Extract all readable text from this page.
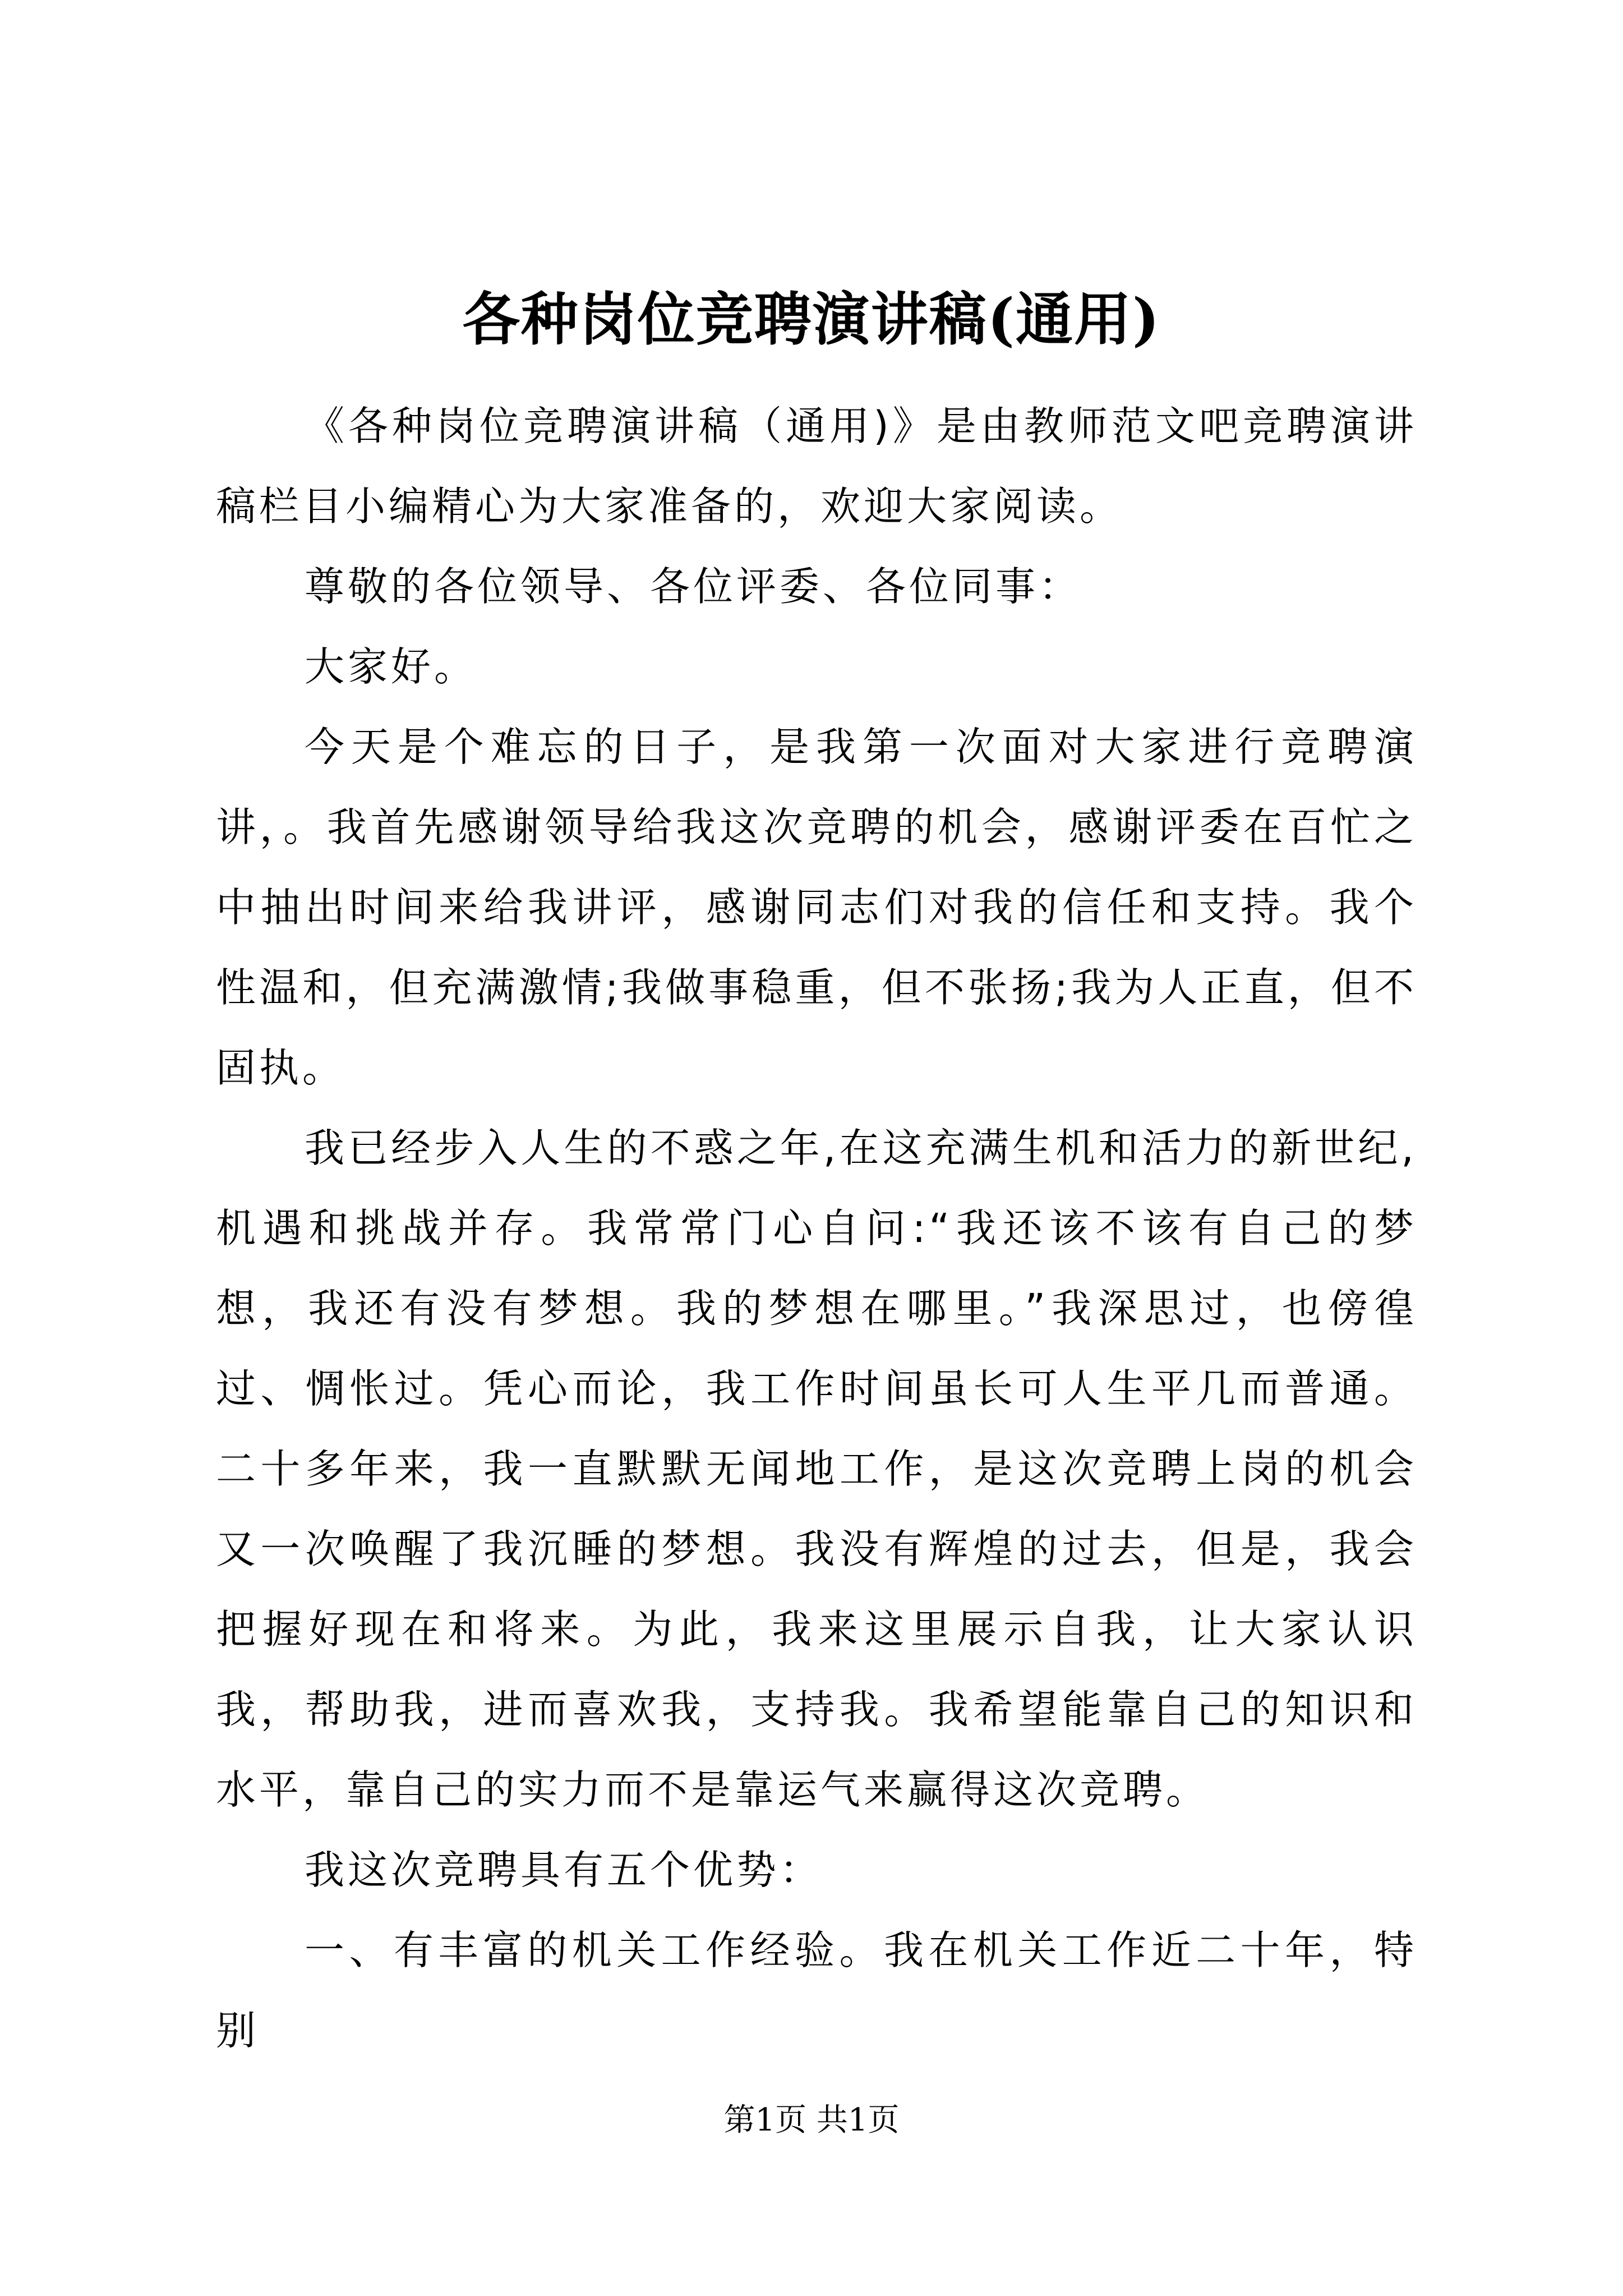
各种岗位竞聘演讲稿(通用)

《各种岗位竞聘演讲稿（通用)》是由教师范文吧竞聘演讲稿栏目小编精心为大家准备的，欢迎大家阅读。

尊敬的各位领导、各位评委、各位同事：

大家好。

今天是个难忘的日子，是我第一次面对大家进行竞聘演讲，。我首先感谢领导给我这次竞聘的机会，感谢评委在百忙之中抽出时间来给我讲评，感谢同志们对我的信任和支持。我个性温和，但充满激情;我做事稳重，但不张扬;我为人正直，但不固执。

我已经步入人生的不惑之年,在这充满生机和活力的新世纪,机遇和挑战并存。我常常门心自问:“我还该不该有自己的梦想，我还有没有梦想。我的梦想在哪里。”我深思过，也傍徨过、惆怅过。凭心而论，我工作时间虽长可人生平几而普通。二十多年来，我一直默默无闻地工作，是这次竞聘上岗的机会又一次唤醒了我沉睡的梦想。我没有辉煌的过去，但是，我会把握好现在和将来。为此，我来这里展示自我，让大家认识我，帮助我，进而喜欢我，支持我。我希望能靠自己的知识和水平，靠自己的实力而不是靠运气来赢得这次竞聘。

我这次竞聘具有五个优势：

一、有丰富的机关工作经验。我在机关工作近二十年，特别

第1页 共1页
